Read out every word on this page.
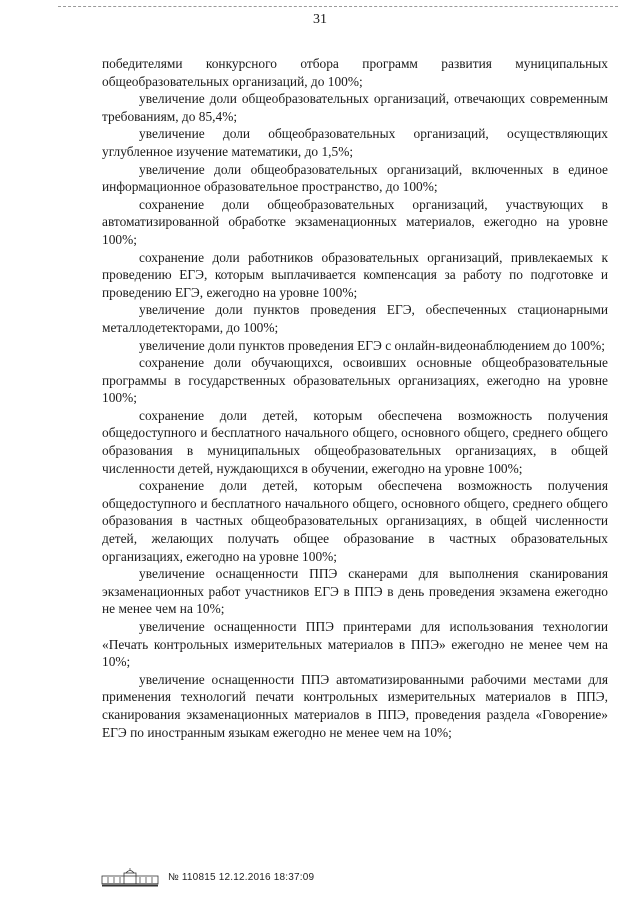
31

победителями конкурсного отбора программ развития муниципальных общеобразовательных организаций, до 100%;

увеличение доли общеобразовательных организаций, отвечающих современным требованиям, до 85,4%;

увеличение доли общеобразовательных организаций, осуществляющих углубленное изучение математики, до 1,5%;

увеличение доли общеобразовательных организаций, включенных в единое информационное образовательное пространство, до 100%;

сохранение доли общеобразовательных организаций, участвующих в автоматизированной обработке экзаменационных материалов, ежегодно на уровне 100%;

сохранение доли работников образовательных организаций, привлекаемых к проведению ЕГЭ, которым выплачивается компенсация за работу по подготовке и проведению ЕГЭ, ежегодно на уровне 100%;

увеличение доли пунктов проведения ЕГЭ, обеспеченных стационарными металлодетекторами, до 100%;

увеличение доли пунктов проведения ЕГЭ с онлайн-видеонаблюдением до 100%;

сохранение доли обучающихся, освоивших основные общеобразовательные программы в государственных образовательных организациях, ежегодно на уровне 100%;

сохранение доли детей, которым обеспечена возможность получения общедоступного и бесплатного начального общего, основного общего, среднего общего образования в муниципальных общеобразовательных организациях, в общей численности детей, нуждающихся в обучении, ежегодно на уровне 100%;

сохранение доли детей, которым обеспечена возможность получения общедоступного и бесплатного начального общего, основного общего, среднего общего образования в частных общеобразовательных организациях, в общей численности детей, желающих получать общее образование в частных образовательных организациях, ежегодно на уровне 100%;

увеличение оснащенности ППЭ сканерами для выполнения сканирования экзаменационных работ участников ЕГЭ в ППЭ в день проведения экзамена ежегодно не менее чем на 10%;

увеличение оснащенности ППЭ принтерами для использования технологии «Печать контрольных измерительных материалов в ППЭ» ежегодно не менее чем на 10%;

увеличение оснащенности ППЭ автоматизированными рабочими местами для применения технологий печати контрольных измерительных материалов в ППЭ, сканирования экзаменационных материалов в ППЭ, проведения раздела «Говорение» ЕГЭ по иностранным языкам ежегодно не менее чем на 10%;

№ 110815 12.12.2016 18:37:09
